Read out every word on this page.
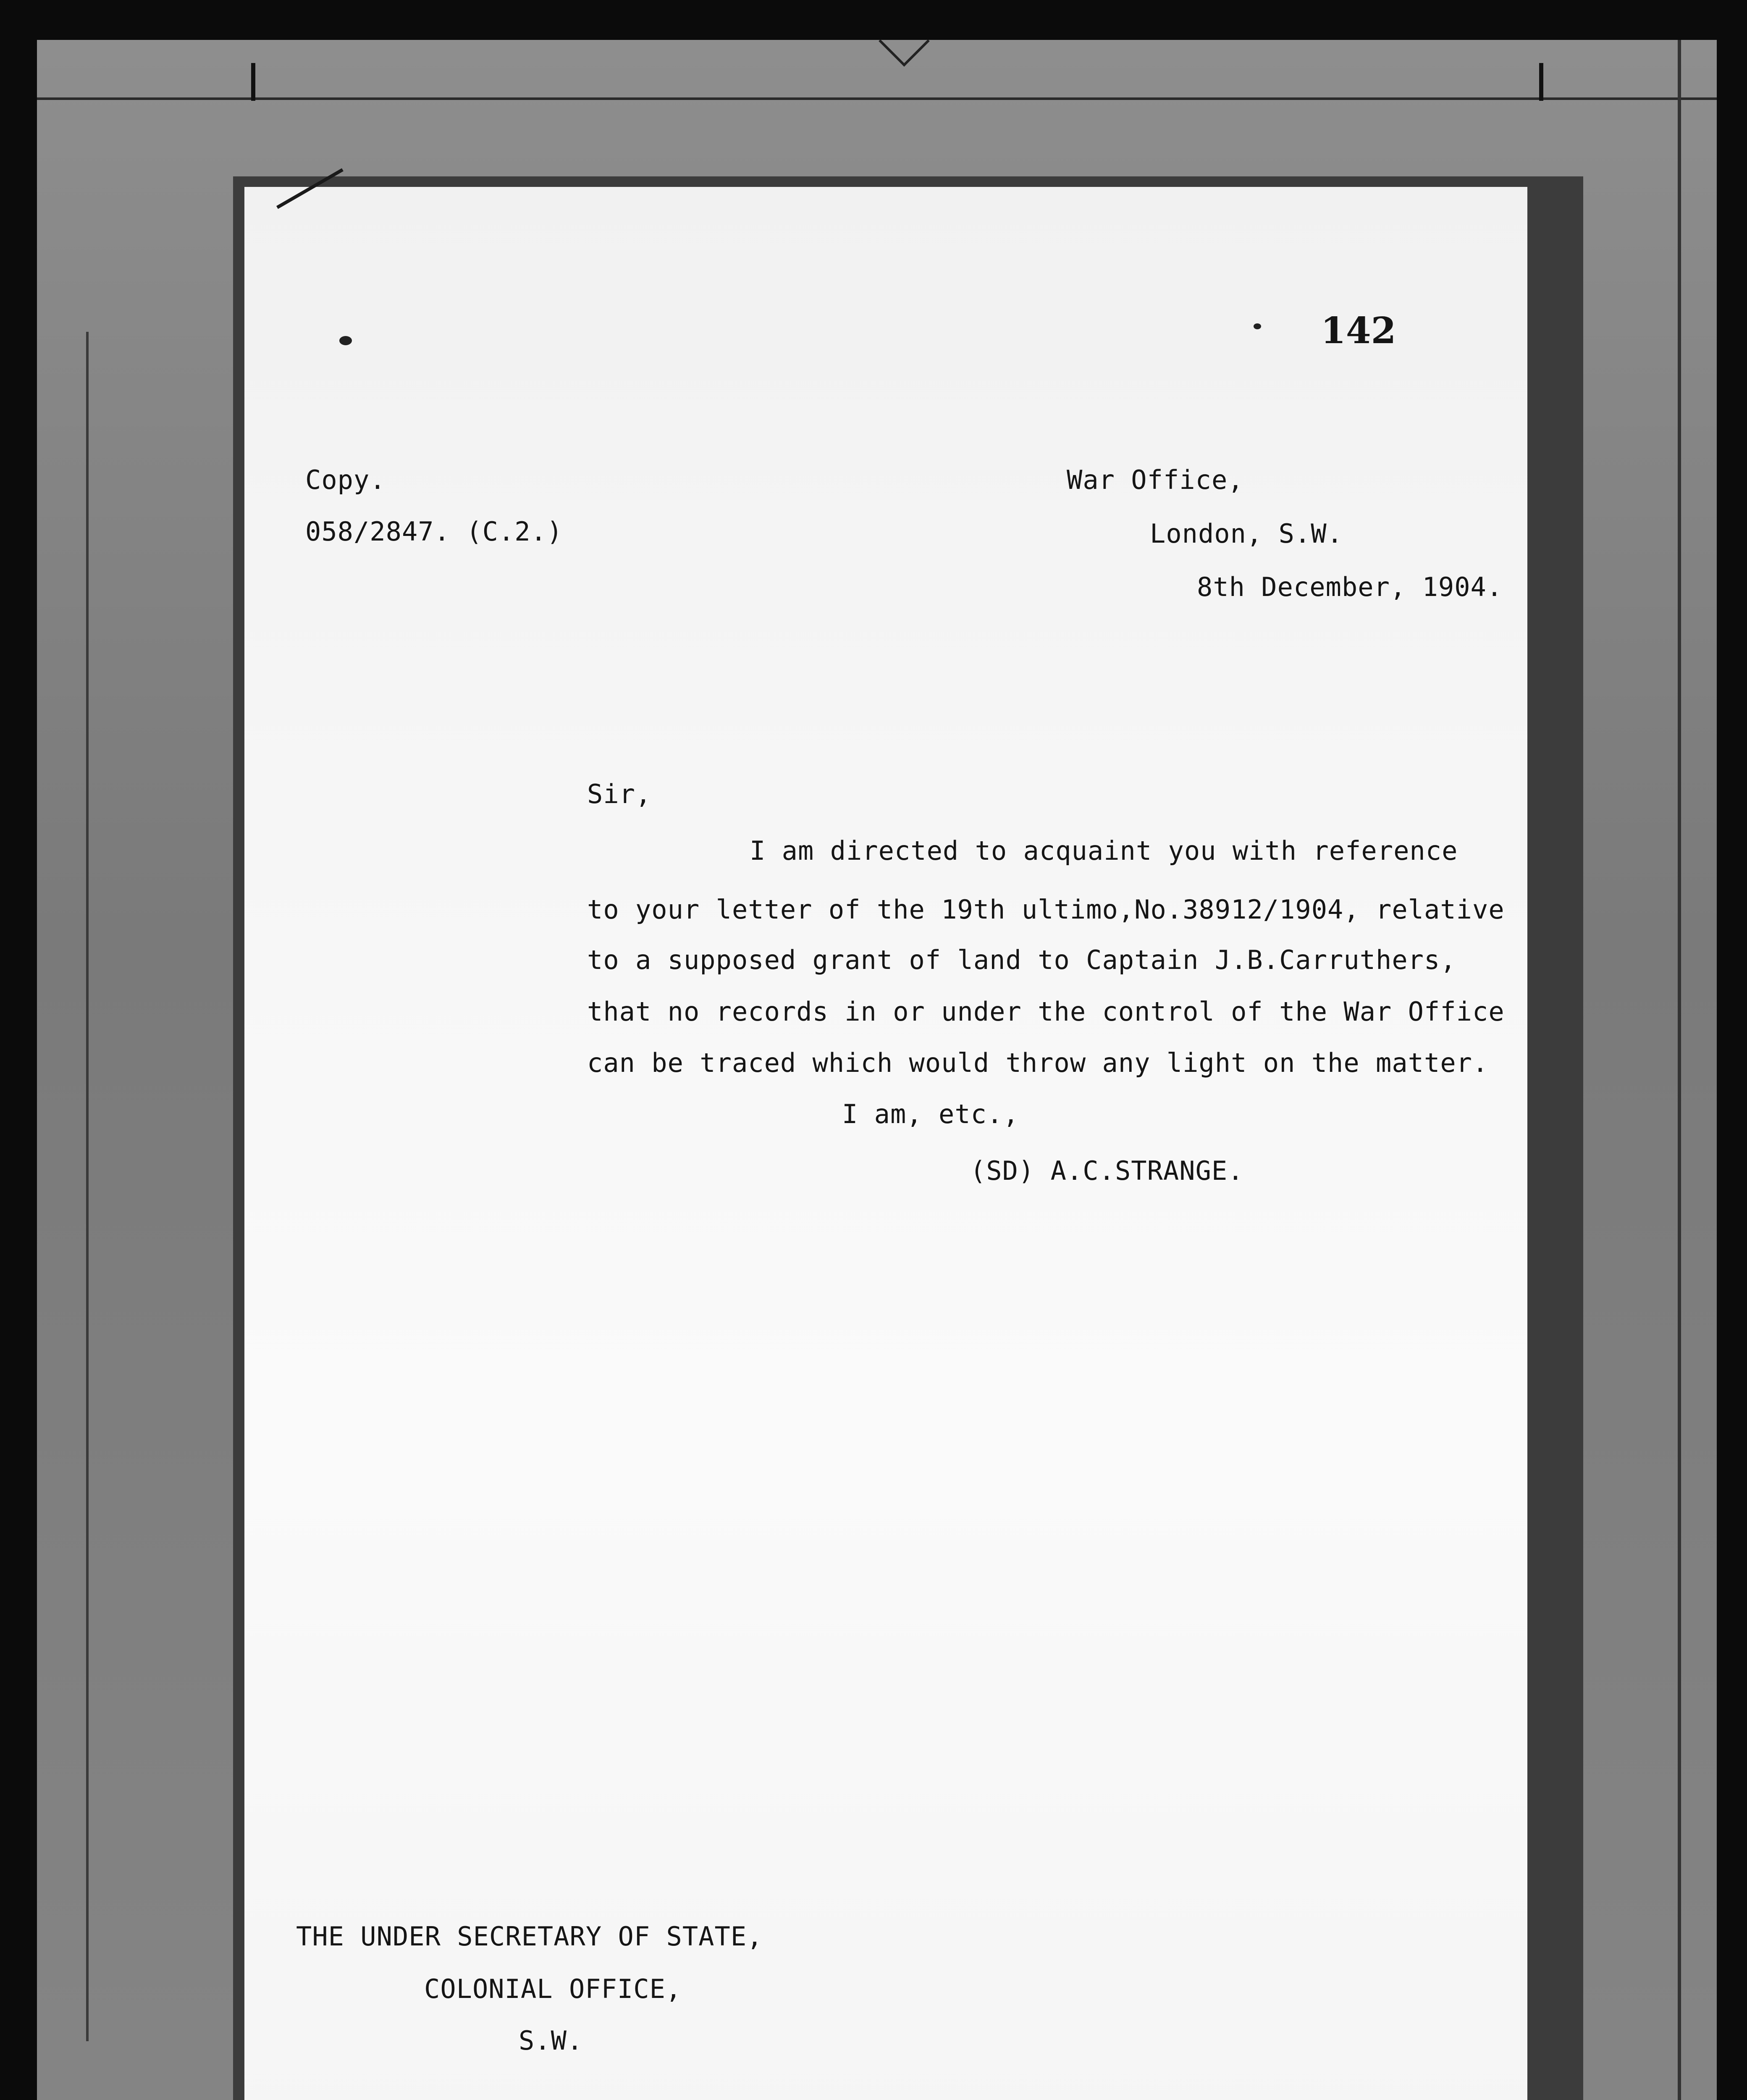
142
Copy.
058/2847. (C.2.)
War Office,
London, S.W.
8th December, 1904.
Sir,
I am directed to acquaint you with reference
to your letter of the 19th ultimo,No.38912/1904, relative
to a supposed grant of land to Captain J.B.Carruthers,
that no records in or under the control of the War Office
can be traced which would throw any light on the matter.
I am, etc.,
(SD) A.C.STRANGE.
THE UNDER SECRETARY OF STATE,
COLONIAL OFFICE,
S.W.
